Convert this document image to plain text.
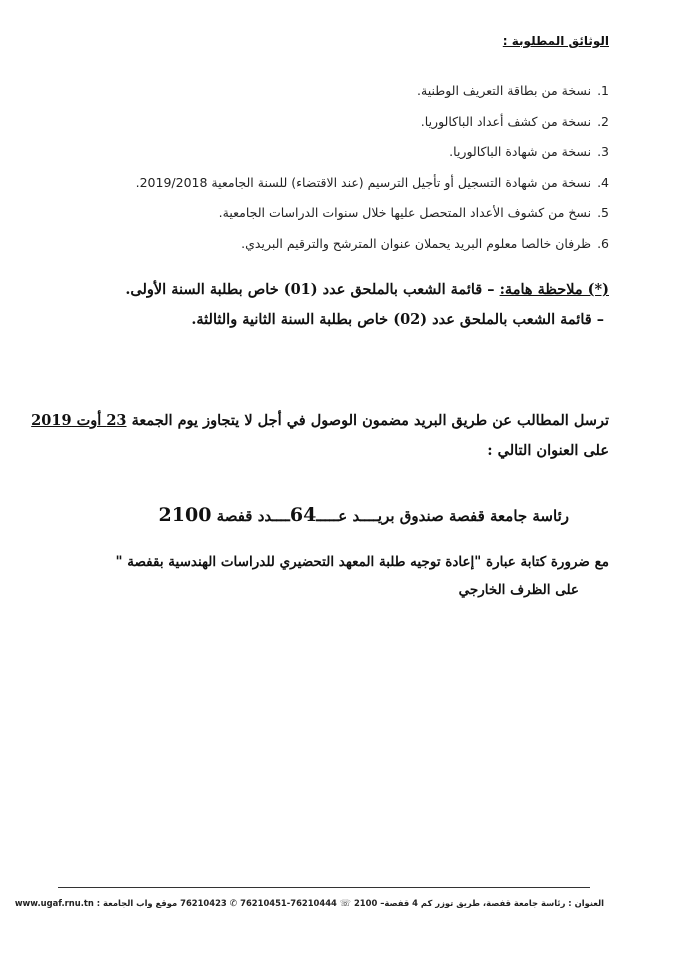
الوثائق المطلوبة :
1.نسخة من بطاقة التعريف الوطنية.
2.نسخة من كشف أعداد الباكالوريا.
3.نسخة من شهادة الباكالوريا.
4.نسخة من شهادة التسجيل أو تأجيل الترسيم (عند الاقتضاء) للسنة الجامعية 2019/2018.
5.نسخ من كشوف الأعداد المتحصل عليها خلال سنوات الدراسات الجامعية.
6.ظرفان خالصا معلوم البريد يحملان عنوان المترشح والترقيم البريدي.
(*) ملاحظة هامة: – قائمة الشعب بالملحق عدد (01) خاص بطلبة السنة الأولى.
– قائمة الشعب بالملحق عدد (02) خاص بطلبة السنة الثانية والثالثة.
ترسل المطالب عن طريق البريد مضمون الوصول في أجل لا يتجاوز يوم الجمعة 23 أوت 2019
على العنوان التالي :
رئاسة جامعة قفصة صندوق بريــــد عـــــ64ــــدد قفصة 2100
مع ضرورة كتابة عبارة "إعادة توجيه طلبة المعهد التحضيري للدراسات الهندسية بقفصة "
على الظرف الخارجي
العنوان : رئاسة جامعة قفصة، طريق توزر كم 4 قفصة– 2100 ☏ 76210444-76210451 ✆ 76210423 موقع واب الجامعة : www.ugaf.rnu.tn
